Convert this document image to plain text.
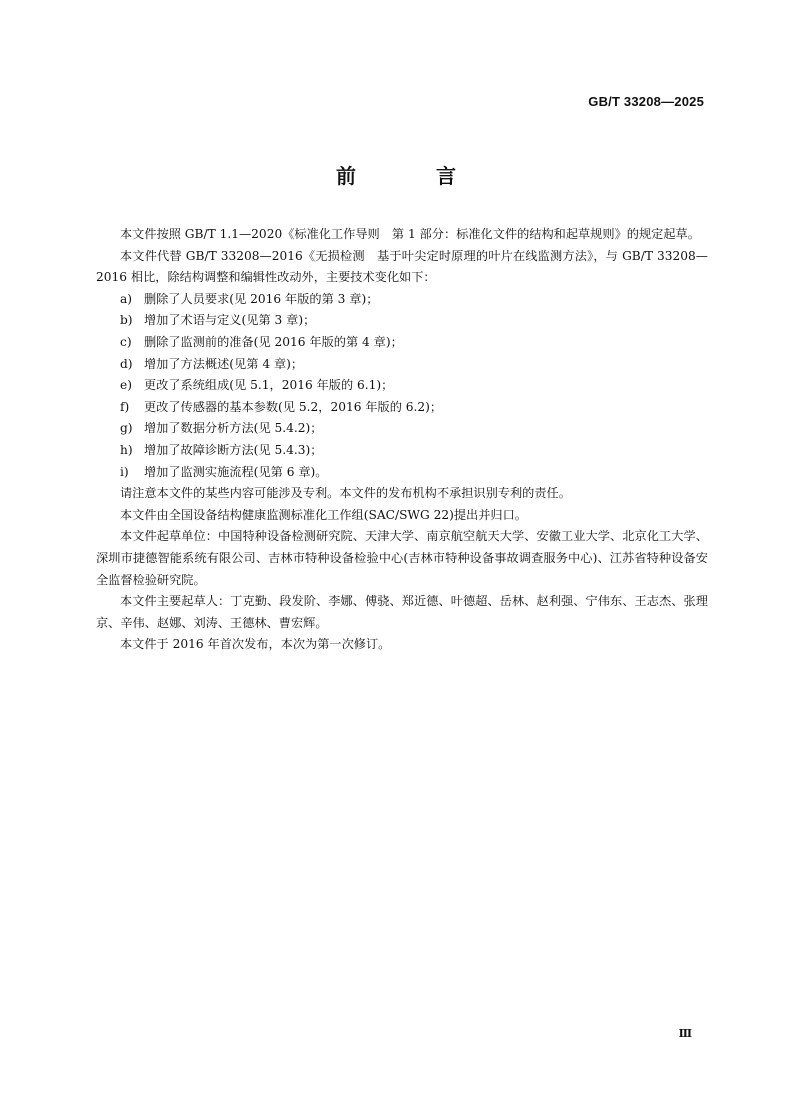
GB/T 33208—2025
前　言

本文件按照 GB/T 1.1—2020《标准化工作导则　第 1 部分：标准化文件的结构和起草规则》的规定起草。

本文件代替 GB/T 33208—2016《无损检测　基于叶尖定时原理的叶片在线监测方法》，与 GB/T 33208—2016 相比，除结构调整和编辑性改动外，主要技术变化如下：

a) 删除了人员要求(见 2016 年版的第 3 章)；
b) 增加了术语与定义(见第 3 章)；
c) 删除了监测前的准备(见 2016 年版的第 4 章)；
d) 增加了方法概述(见第 4 章)；
e) 更改了系统组成(见 5.1，2016 年版的 6.1)；
f) 更改了传感器的基本参数(见 5.2，2016 年版的 6.2)；
g) 增加了数据分析方法(见 5.4.2)；
h) 增加了故障诊断方法(见 5.4.3)；
i) 增加了监测实施流程(见第 6 章)。

请注意本文件的某些内容可能涉及专利。本文件的发布机构不承担识别专利的责任。

本文件由全国设备结构健康监测标准化工作组(SAC/SWG 22)提出并归口。

本文件起草单位：中国特种设备检测研究院、天津大学、南京航空航天大学、安徽工业大学、北京化工大学、深圳市捷德智能系统有限公司、吉林市特种设备检验中心(吉林市特种设备事故调查服务中心)、江苏省特种设备安全监督检验研究院。

本文件主要起草人：丁克勤、段发阶、李娜、傅骁、郑近德、叶德超、岳林、赵利强、宁伟东、王志杰、张理京、辛伟、赵娜、刘涛、王德林、曹宏辉。

本文件于 2016 年首次发布，本次为第一次修订。

Ⅲ
